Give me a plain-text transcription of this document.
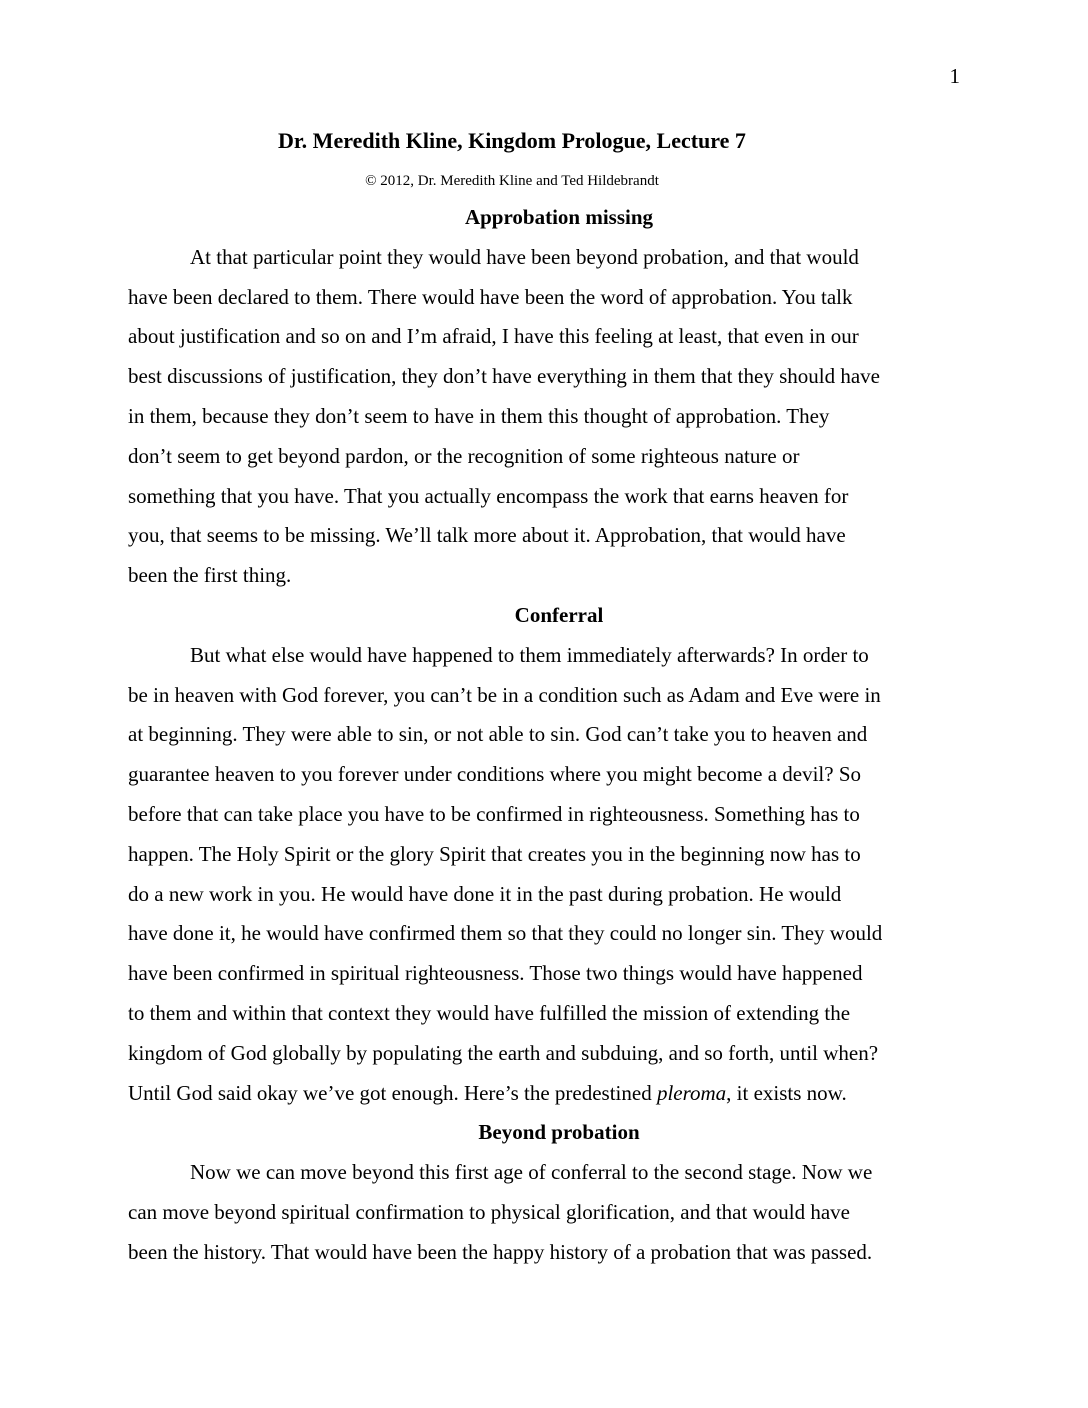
1
Dr. Meredith Kline, Kingdom Prologue, Lecture 7
© 2012, Dr. Meredith Kline and Ted Hildebrandt
Approbation missing
At that particular point they would have been beyond probation, and that would
have been declared to them. There would have been the word of approbation. You talk
about justification and so on and I’m afraid, I have this feeling at least, that even in our
best discussions of justification, they don’t have everything in them that they should have
in them, because they don’t seem to have in them this thought of approbation. They
don’t seem to get beyond pardon, or the recognition of some righteous nature or
something that you have. That you actually encompass the work that earns heaven for
you, that seems to be missing. We’ll talk more about it. Approbation, that would have
been the first thing.
Conferral
But what else would have happened to them immediately afterwards? In order to
be in heaven with God forever, you can’t be in a condition such as Adam and Eve were in
at beginning. They were able to sin, or not able to sin. God can’t take you to heaven and
guarantee heaven to you forever under conditions where you might become a devil? So
before that can take place you have to be confirmed in righteousness. Something has to
happen. The Holy Spirit or the glory Spirit that creates you in the beginning now has to
do a new work in you. He would have done it in the past during probation. He would
have done it, he would have confirmed them so that they could no longer sin. They would
have been confirmed in spiritual righteousness. Those two things would have happened
to them and within that context they would have fulfilled the mission of extending the
kingdom of God globally by populating the earth and subduing, and so forth, until when?
Until God said okay we’ve got enough. Here’s the predestined pleroma, it exists now.
Beyond probation
Now we can move beyond this first age of conferral to the second stage. Now we
can move beyond spiritual confirmation to physical glorification, and that would have
been the history. That would have been the happy history of a probation that was passed.
